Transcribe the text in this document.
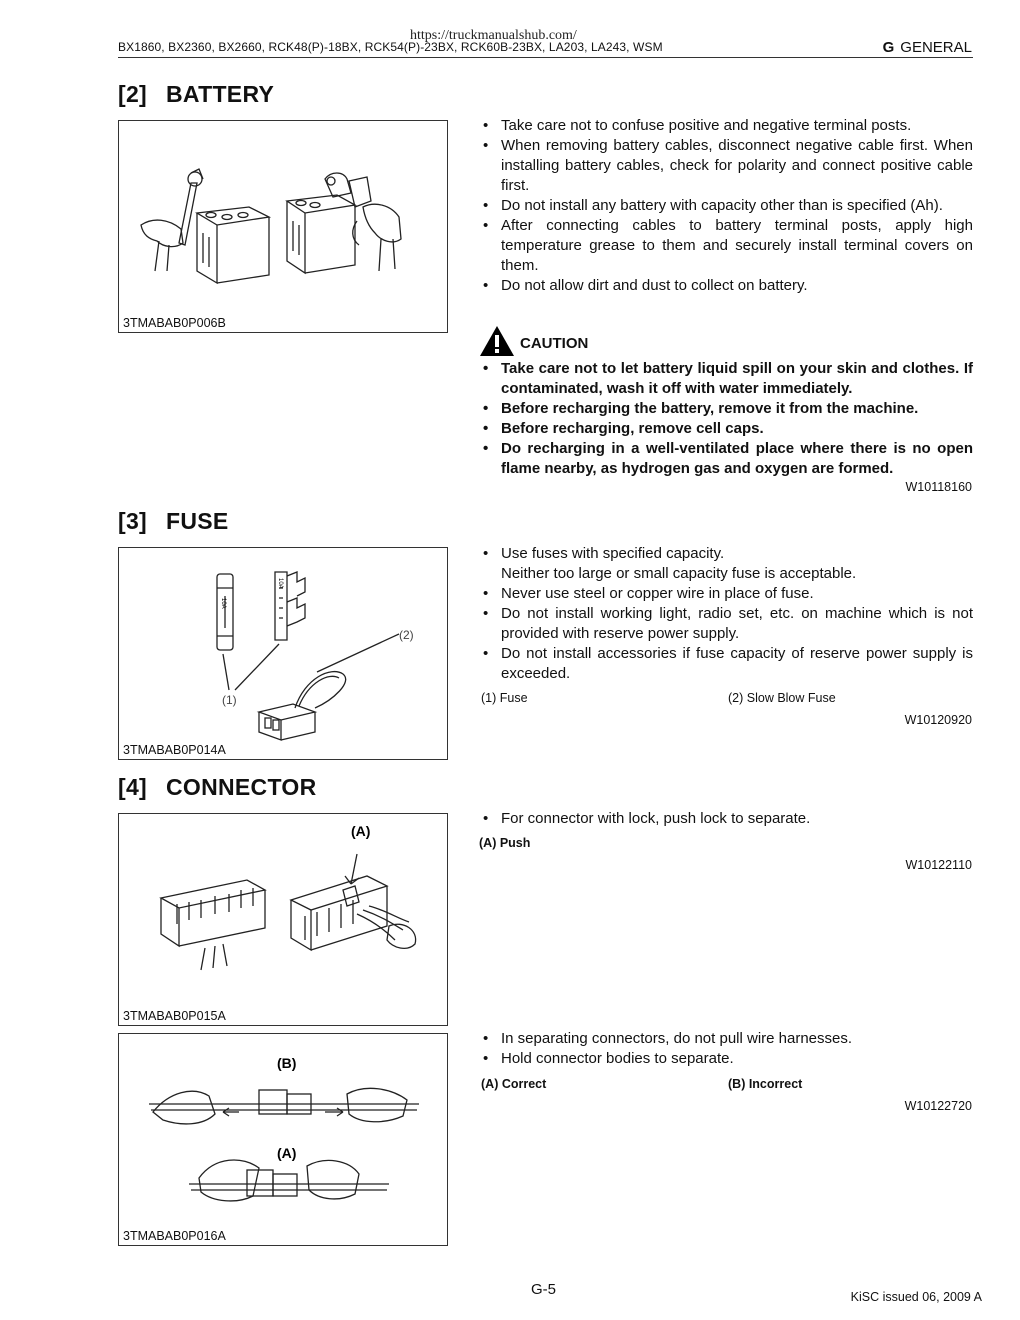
https://truckmanualshub.com/
BX1860, BX2360, BX2660, RCK48(P)-18BX, RCK54(P)-23BX, RCK60B-23BX, LA203, LA243, WSM	G GENERAL
[2] BATTERY
3TMABAB0P006B
• Take care not to confuse positive and negative terminal posts.
• When removing battery cables, disconnect negative cable first. When installing battery cables, check for polarity and connect positive cable first.
• Do not install any battery with capacity other than is specified (Ah).
• After connecting cables to battery terminal posts, apply high temperature grease to them and securely install terminal covers on them.
• Do not allow dirt and dust to collect on battery.
CAUTION
• Take care not to let battery liquid spill on your skin and clothes. If contaminated, wash it off with water immediately.
• Before recharging the battery, remove it from the machine.
• Before recharging, remove cell caps.
• Do recharging in a well-ventilated place where there is no open flame nearby, as hydrogen gas and oxygen are formed.
W10118160
[3] FUSE
10A
10A
(1)
(2)
3TMABAB0P014A
• Use fuses with specified capacity.
Neither too large or small capacity fuse is acceptable.
• Never use steel or copper wire in place of fuse.
• Do not install working light, radio set, etc. on machine which is not provided with reserve power supply.
• Do not install accessories if fuse capacity of reserve power supply is exceeded.
(1) Fuse	(2) Slow Blow Fuse
W10120920
[4] CONNECTOR
(A)
3TMABAB0P015A
• For connector with lock, push lock to separate.
(A) Push
W10122110
(B)
(A)
3TMABAB0P016A
• In separating connectors, do not pull wire harnesses.
• Hold connector bodies to separate.
(A) Correct	(B) Incorrect
W10122720
G-5	KiSC issued 06, 2009 A
